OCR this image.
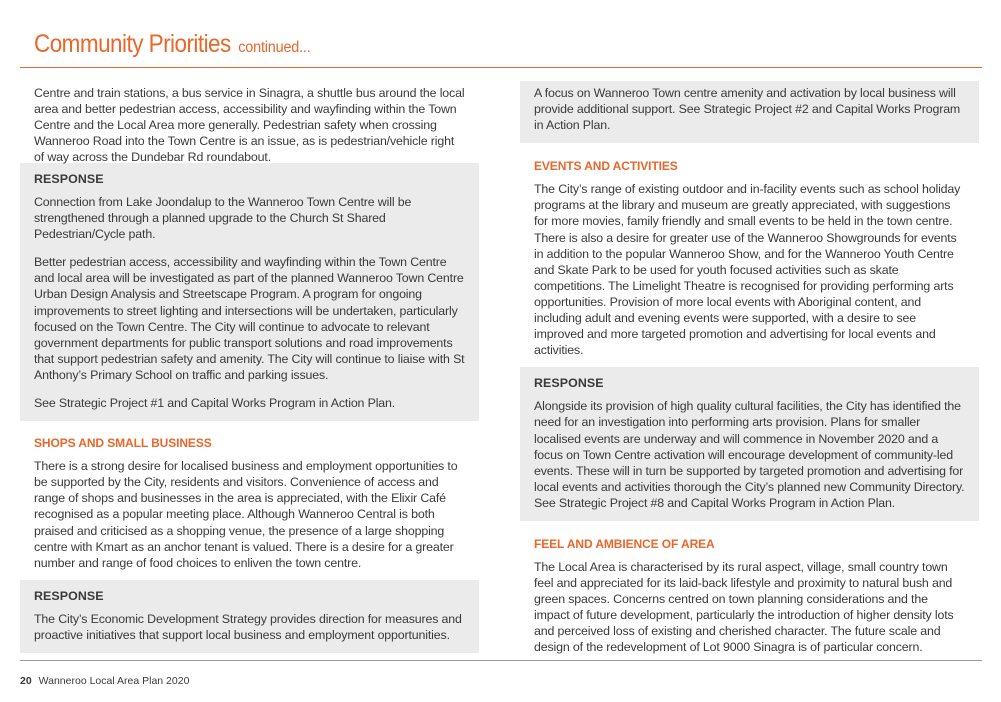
Community Priorities continued...

Centre and train stations, a bus service in Sinagra, a shuttle bus around the local area and better pedestrian access, accessibility and wayfinding within the Town Centre and the Local Area more generally. Pedestrian safety when crossing Wanneroo Road into the Town Centre is an issue, as is pedestrian/vehicle right of way across the Dundebar Rd roundabout.

RESPONSE

Connection from Lake Joondalup to the Wanneroo Town Centre will be strengthened through a planned upgrade to the Church St Shared Pedestrian/Cycle path.

Better pedestrian access, accessibility and wayfinding within the Town Centre and local area will be investigated as part of the planned Wanneroo Town Centre Urban Design Analysis and Streetscape Program. A program for ongoing improvements to street lighting and intersections will be undertaken, particularly focused on the Town Centre. The City will continue to advocate to relevant government departments for public transport solutions and road improvements that support pedestrian safety and amenity. The City will continue to liaise with St Anthony’s Primary School on traffic and parking issues.

See Strategic Project #1 and Capital Works Program in Action Plan.

SHOPS AND SMALL BUSINESS

There is a strong desire for localised business and employment opportunities to be supported by the City, residents and visitors. Convenience of access and range of shops and businesses in the area is appreciated, with the Elixir Café recognised as a popular meeting place. Although Wanneroo Central is both praised and criticised as a shopping venue, the presence of a large shopping centre with Kmart as an anchor tenant is valued. There is a desire for a greater number and range of food choices to enliven the town centre.

RESPONSE

The City’s Economic Development Strategy provides direction for measures and proactive initiatives that support local business and employment opportunities.

A focus on Wanneroo Town centre amenity and activation by local business will provide additional support. See Strategic Project #2 and Capital Works Program in Action Plan.

EVENTS AND ACTIVITIES

The City’s range of existing outdoor and in-facility events such as school holiday programs at the library and museum are greatly appreciated, with suggestions for more movies, family friendly and small events to be held in the town centre. There is also a desire for greater use of the Wanneroo Showgrounds for events in addition to the popular Wanneroo Show, and for the Wanneroo Youth Centre and Skate Park to be used for youth focused activities such as skate competitions. The Limelight Theatre is recognised for providing performing arts opportunities. Provision of more local events with Aboriginal content, and including adult and evening events were supported, with a desire to see improved and more targeted promotion and advertising for local events and activities.

RESPONSE

Alongside its provision of high quality cultural facilities, the City has identified the need for an investigation into performing arts provision. Plans for smaller localised events are underway and will commence in November 2020 and a focus on Town Centre activation will encourage development of community-led events. These will in turn be supported by targeted promotion and advertising for local events and activities thorough the City’s planned new Community Directory. See Strategic Project #8 and Capital Works Program in Action Plan.

FEEL AND AMBIENCE OF AREA

The Local Area is characterised by its rural aspect, village, small country town feel and appreciated for its laid-back lifestyle and proximity to natural bush and green spaces. Concerns centred on town planning considerations and the impact of future development, particularly the introduction of higher density lots and perceived loss of existing and cherished character. The future scale and design of the redevelopment of Lot 9000 Sinagra is of particular concern.

20 Wanneroo Local Area Plan 2020
